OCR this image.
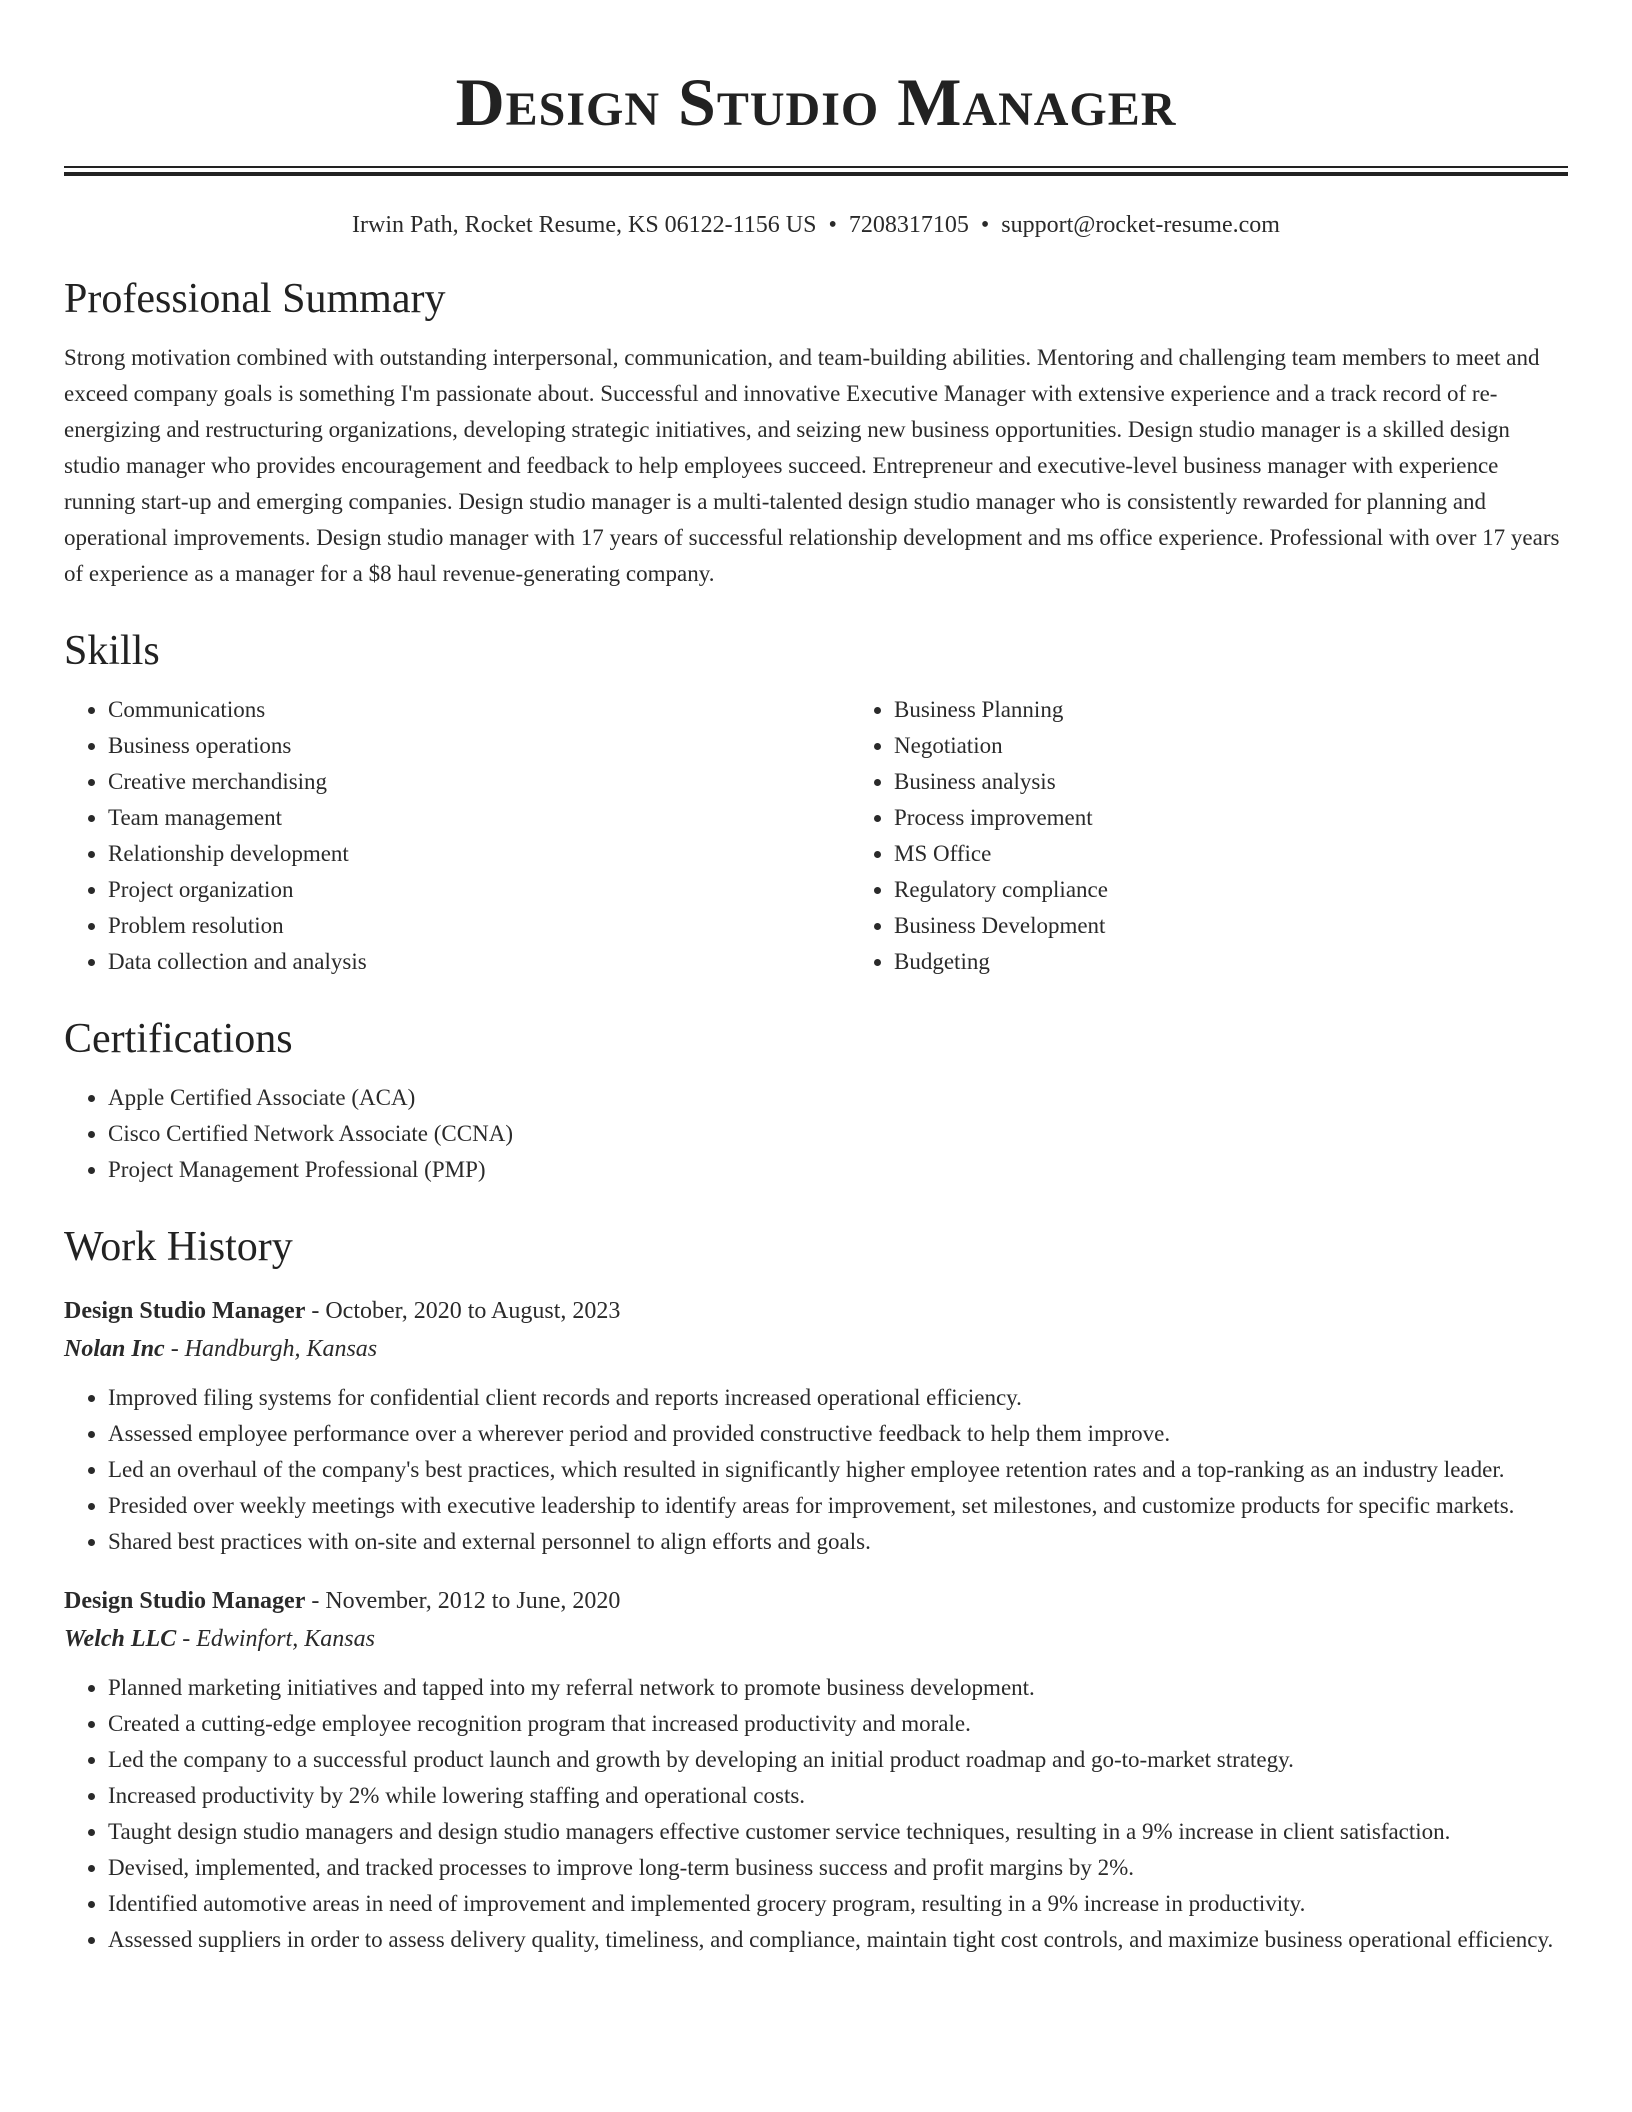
Design Studio Manager
Irwin Path, Rocket Resume, KS 06122-1156 US • 7208317105 • support@rocket-resume.com
Professional Summary

Strong motivation combined with outstanding interpersonal, communication, and team-building abilities. Mentoring and challenging team members to meet and exceed company goals is something I'm passionate about. Successful and innovative Executive Manager with extensive experience and a track record of re-energizing and restructuring organizations, developing strategic initiatives, and seizing new business opportunities. Design studio manager is a skilled design studio manager who provides encouragement and feedback to help employees succeed. Entrepreneur and executive-level business manager with experience running start-up and emerging companies. Design studio manager is a multi-talented design studio manager who is consistently rewarded for planning and operational improvements. Design studio manager with 17 years of successful relationship development and ms office experience. Professional with over 17 years of experience as a manager for a $8 haul revenue-generating company.

Skills
• Communications
• Business operations
• Creative merchandising
• Team management
• Relationship development
• Project organization
• Problem resolution
• Data collection and analysis
• Business Planning
• Negotiation
• Business analysis
• Process improvement
• MS Office
• Regulatory compliance
• Business Development
• Budgeting
Certifications
• Apple Certified Associate (ACA)
• Cisco Certified Network Associate (CCNA)
• Project Management Professional (PMP)
Work History
Design Studio Manager - October, 2020 to August, 2023
Nolan Inc - Handburgh, Kansas
• Improved filing systems for confidential client records and reports increased operational efficiency.
• Assessed employee performance over a wherever period and provided constructive feedback to help them improve.
• Led an overhaul of the company's best practices, which resulted in significantly higher employee retention rates and a top-ranking as an industry leader.
• Presided over weekly meetings with executive leadership to identify areas for improvement, set milestones, and customize products for specific markets.
• Shared best practices with on-site and external personnel to align efforts and goals.
Design Studio Manager - November, 2012 to June, 2020
Welch LLC - Edwinfort, Kansas
• Planned marketing initiatives and tapped into my referral network to promote business development.
• Created a cutting-edge employee recognition program that increased productivity and morale.
• Led the company to a successful product launch and growth by developing an initial product roadmap and go-to-market strategy.
• Increased productivity by 2% while lowering staffing and operational costs.
• Taught design studio managers and design studio managers effective customer service techniques, resulting in a 9% increase in client satisfaction.
• Devised, implemented, and tracked processes to improve long-term business success and profit margins by 2%.
• Identified automotive areas in need of improvement and implemented grocery program, resulting in a 9% increase in productivity.
• Assessed suppliers in order to assess delivery quality, timeliness, and compliance, maintain tight cost controls, and maximize business operational efficiency.
